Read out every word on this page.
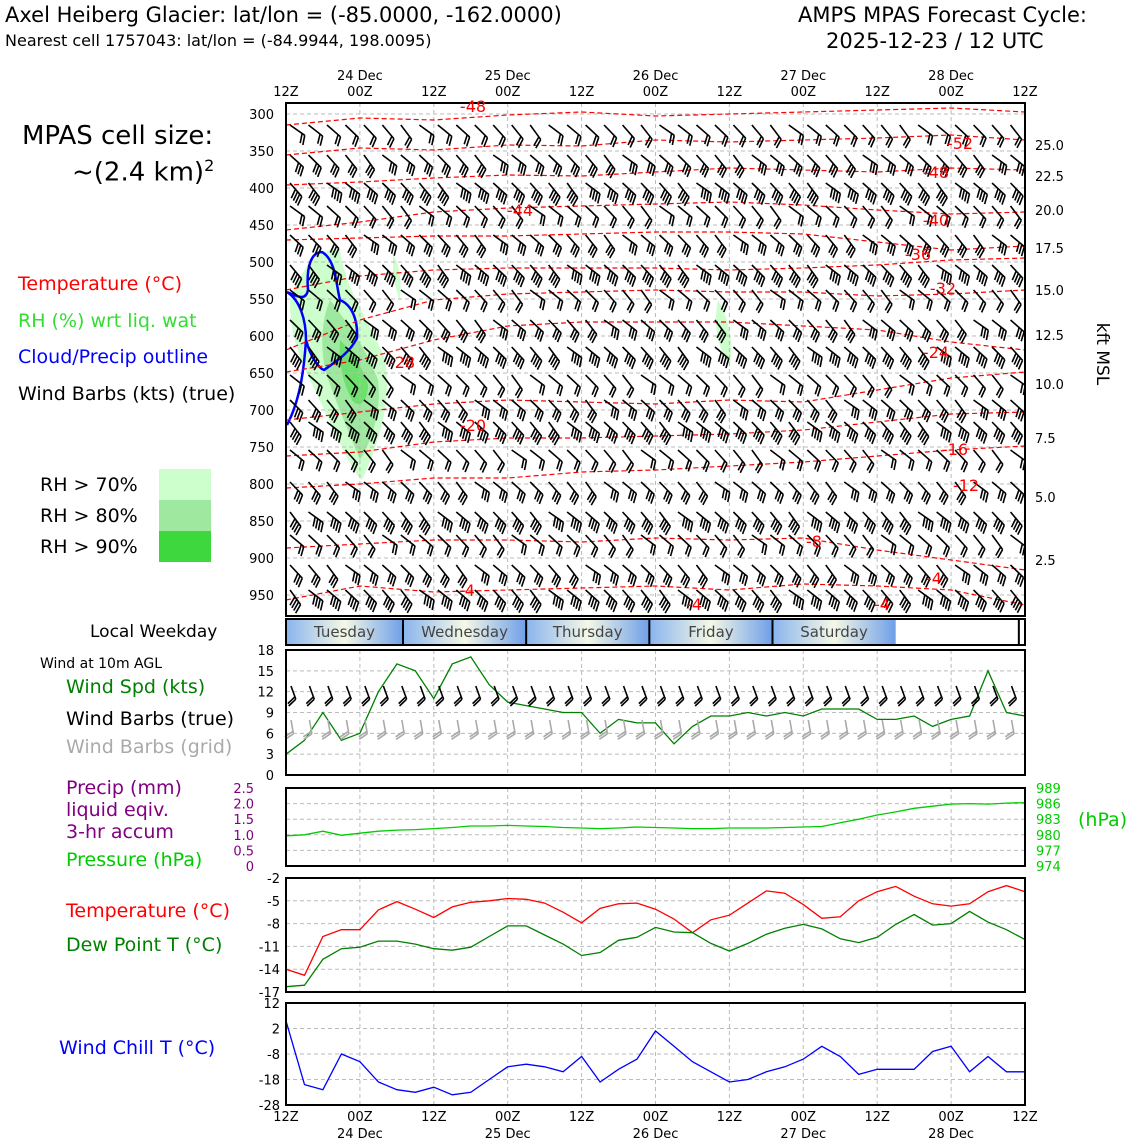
Axel Heiberg Glacier: lat/lon = (-85.0000, -162.0000)
Nearest cell 1757043: lat/lon = (-84.9944, 198.0095)
AMPS MPAS Forecast Cycle:
2025-12-23 / 12 UTC
MPAS cell size:
~(2.4 km)$^2$
Temperature (°C)
RH (%) wrt liq. wat
Cloud/Precip outline
Wind Barbs (kts) (true)
RH > 70%
RH > 80%
RH > 90%
Local Weekday
Wind at 10m AGL
Wind Spd (kts)
Wind Barbs (true)
Wind Barbs (grid)
Precip (mm)
liquid eqiv.
3-hr accum
Pressure (hPa)
(hPa)
Temperature (°C)
Dew Point T (°C)
Wind Chill T (°C)
kft MSL
12Z
12Z
00Z
00Z
12Z
12Z
00Z
00Z
12Z
12Z
00Z
00Z
12Z
12Z
00Z
00Z
12Z
12Z
00Z
00Z
12Z
12Z
24 Dec
24 Dec
25 Dec
25 Dec
26 Dec
26 Dec
27 Dec
27 Dec
28 Dec
28 Dec
Tuesday	Wednesday	Thursday	Friday	Saturday
300
350
400
450
500
550
600
650
700
750
800
850
900
950
25.0
22.5
20.0
17.5
15.0
12.5
10.0
7.5
5.0
2.5
-48
-52
-48
-44
-40
-36
-32
-28
-24
-20
-16
-12
-8
-4
-4
-4	-4
18
15
12
9
6
3
0
989
986
983
980
977
974
2.5
2.0
1.5
1.0
0.5
0
-2
-5
-8
-11
-14
-17
12
2
-8
-18
-28
